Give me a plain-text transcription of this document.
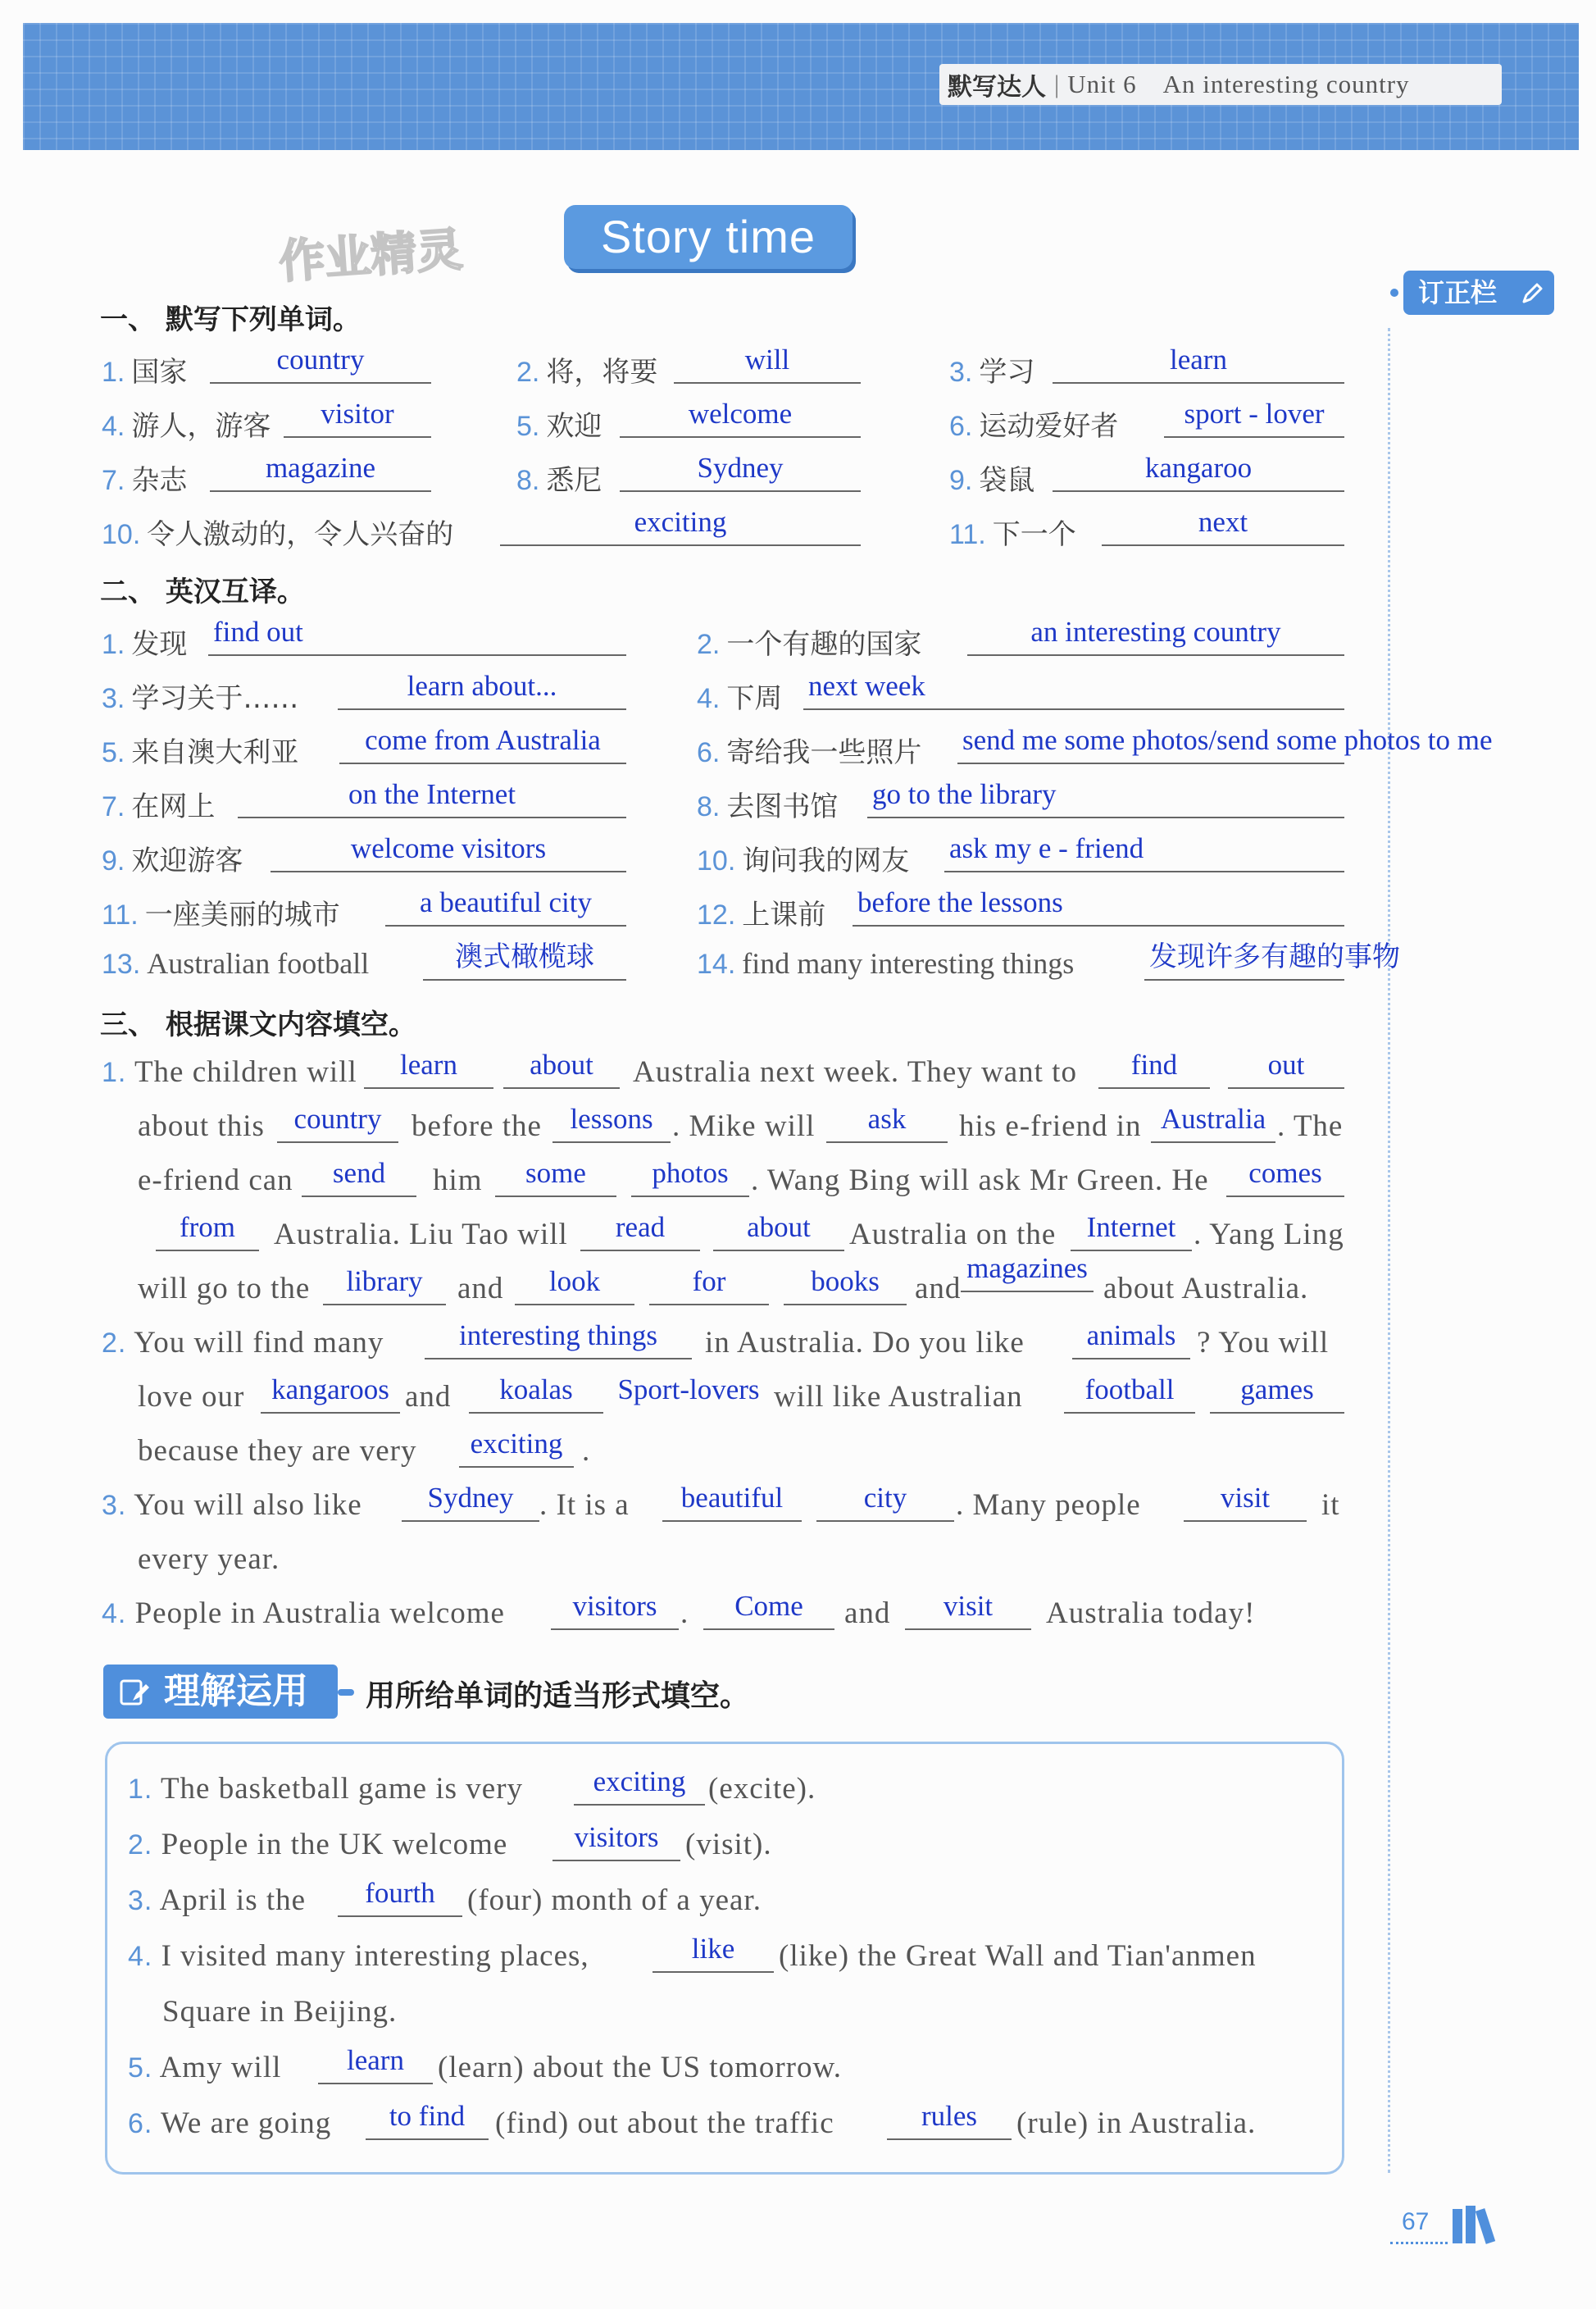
默写达人 | Unit 6 An interesting country
作业精灵	Story time
订正栏
一、 默写下列单词。
1. 国家	country	2. 将，将要	will	3. 学习	learn
4. 游人，游客	visitor	5. 欢迎	welcome	6. 运动爱好者	sport - lover
7. 杂志	magazine	8. 悉尼	Sydney	9. 袋鼠	kangaroo
10. 令人激动的，令人兴奋的	exciting	11. 下一个	next
二、 英汉互译。
1. 发现 find out	2. 一个有趣的国家	an interesting country
3. 学习关于……	learn about...	4. 下周 next week
5. 来自澳大利亚	come from Australia	6. 寄给我一些照片 send me some photos/send some photos to me
7. 在网上	on the Internet	8. 去图书馆 go to the library
9. 欢迎游客	welcome visitors	10. 询问我的网友 ask my e - friend
11. 一座美丽的城市	a beautiful city	12. 上课前 before the lessons
13. Australian football	澳式橄榄球	14. find many interesting things	发现许多有趣的事物
三、 根据课文内容填空。
1. The children will	learn	about	Australia next week. They want to	find	out
about this	country before the lessons . Mike will	ask	his e-friend in Australia . The
e-friend can	send	him	some	photos . Wang Bing will ask Mr Green. He	comes
from	Australia. Liu Tao will	read	about	Australia on the	Internet . Yang Ling
will go to the	library	and	look	for	books	and
magazines
about Australia.
2. You will find many	interesting things	in Australia. Do you like	animals ? You will
love our kangaroos and	koalas	Sport-lovers will like Australian	football	games
because they are very	exciting .
3. You will also like	Sydney . It is a	beautiful	city	. Many people	visit	it
every year.
4. People in Australia welcome	visitors .	Come	and	visit	Australia today!
理解运用	用所给单词的适当形式填空。
1. The basketball game is very	exciting (excite).
2. People in the UK welcome	visitors (visit).
3. April is the	fourth	(four) month of a year.
4. I visited many interesting places,	like	(like) the Great Wall and Tian'anmen
Square in Beijing.
5. Amy will	learn	(learn) about the US tomorrow.
6. We are going	to find (find) out about the traffic	rules	(rule) in Australia.
67
